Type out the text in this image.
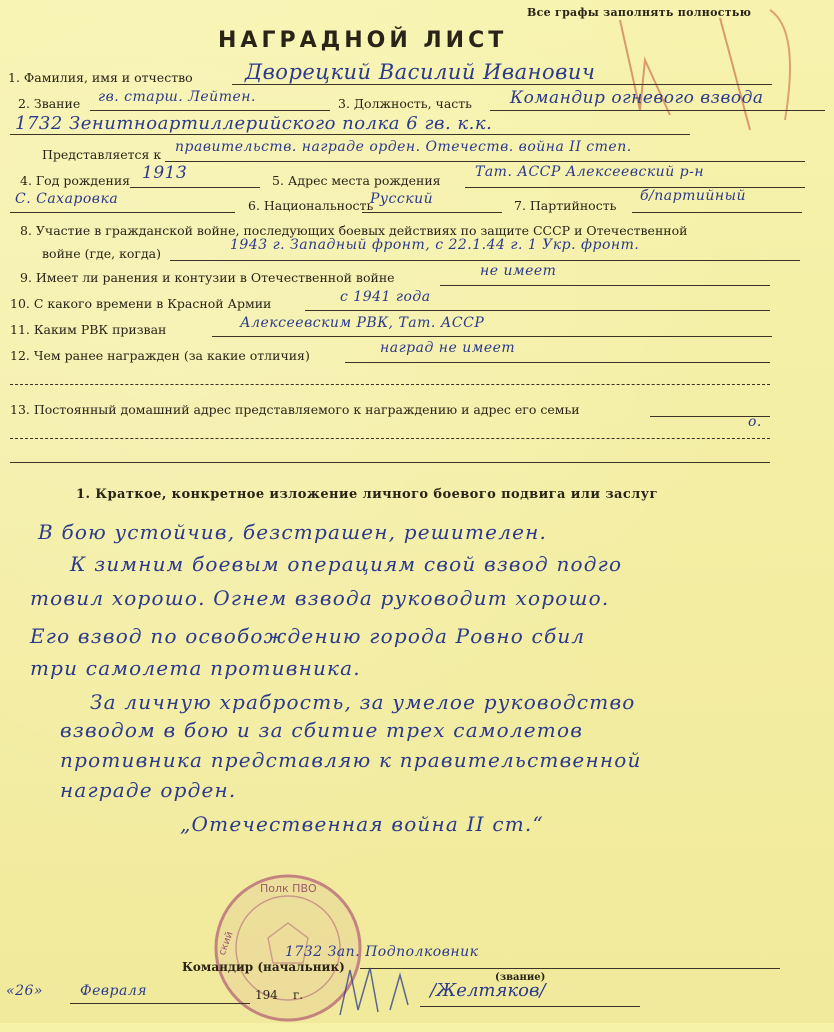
Все графы заполнять полностью
НАГРАДНОЙ ЛИСТ
1. Фамилия, имя и отчество Дворецкий Василий Иванович
2. Звание гв. старш. Лейтен.	3. Должность, часть Командир огневого взвода
1732 Зенитноартиллерийского полка 6 гв. к.к.
Представляется к правительств. награде орден. Отечеств. война II степ.
4. Год рождения 1913	5. Адрес места рождения
Тат. АССР Алексеевский р-н
С. Сахаровка	6. Национальность
Русский	7. Партийность
б/партийный
8. Участие в гражданской войне, последующих боевых действиях по защите СССР и Отечественной
войне (где, когда)
1943 г. Западный фронт, с 22.1.44 г. 1 Укр. фронт.
9. Имеет ли ранения и контузии в Отечественной войне	не имеет
10. С какого времени в Красной Армии	с 1941 года
11. Каким РВК призван	Алексеевским РВК, Тат. АССР
12. Чем ранее награжден (за какие отличия)	наград не имеет
13. Постоянный домашний адрес представляемого к награждению и адрес его семьи
о.
1. Краткое, конкретное изложение личного боевого подвига или заслуг
В бою устойчив, безстрашен, решителен.
К зимним боевым операциям свой взвод подго
товил хорошо. Огнем взвода руководит хорошо.
Его взвод по освобождению города Ровно сбил
три самолета противника.
За личную храбрость, за умелое руководство
взводом в бою и за сбитие трех самолетов
противника представляю к правительственной
награде орден.
„Отечественная война II ст.“
Полк ПВО
ский
Командир (начальник)
1732 Зап. Подполковник
(звание)
«26»	Февраля	194 г.	/Желтяков/
